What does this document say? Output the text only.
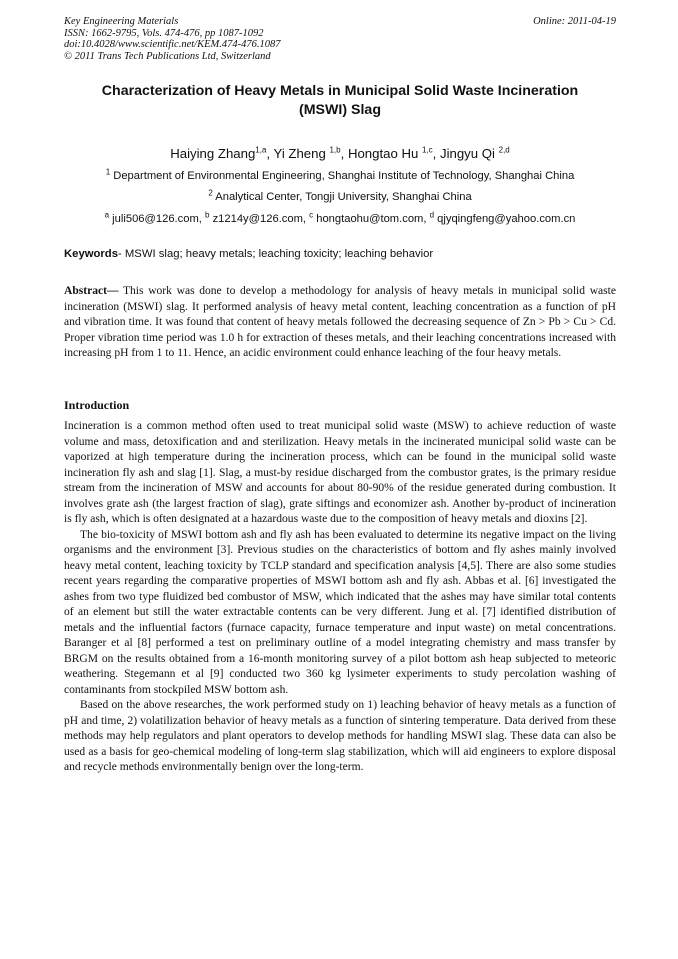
Key Engineering Materials
ISSN: 1662-9795, Vols. 474-476, pp 1087-1092
doi:10.4028/www.scientific.net/KEM.474-476.1087
© 2011 Trans Tech Publications Ltd, Switzerland
Online: 2011-04-19
Characterization of Heavy Metals in Municipal Solid Waste Incineration
(MSWI) Slag
Haiying Zhang$^{1,a}$, Yi Zheng $^{1,b}$, Hongtao Hu $^{1,c}$, Jingyu Qi $^{2,d}$
$^1$ Department of Environmental Engineering, Shanghai Institute of Technology, Shanghai China
$^2$ Analytical Center, Tongji University, Shanghai China
$^a$ juli506@126.com, $^b$ z1214y@126.com, $^c$ hongtaohu@tom.com, $^d$ qjyqingfeng@yahoo.com.cn
Keywords- MSWI slag; heavy metals; leaching toxicity; leaching behavior

Abstract— This work was done to develop a methodology for analysis of heavy metals in municipal solid waste incineration (MSWI) slag. It performed analysis of heavy metal content, leaching concentration as a function of pH and vibration time. It was found that content of heavy metals followed the decreasing sequence of Zn > Pb > Cu > Cd. Proper vibration time period was 1.0 h for extraction of theses metals, and their leaching concentrations increased with increasing pH from 1 to 11. Hence, an acidic environment could enhance leaching of the four heavy metals.

Introduction

Incineration is a common method often used to treat municipal solid waste (MSW) to achieve reduction of waste volume and mass, detoxification and and sterilization. Heavy metals in the incinerated municipal solid waste can be vaporized at high temperature during the incineration process, which can be found in the municipal solid waste incineration fly ash and slag [1]. Slag, a must-by residue discharged from the combustor grates, is the primary residue stream from the incineration of MSW and accounts for about 80-90% of the residue generated during combustion. It involves grate ash (the largest fraction of slag), grate siftings and economizer ash. Another by-product of incineration is fly ash, which is often designated at a hazardous waste due to the composition of heavy metals and dioxins [2].

The bio-toxicity of MSWI bottom ash and fly ash has been evaluated to determine its negative impact on the living organisms and the environment [3]. Previous studies on the characteristics of bottom and fly ashes mainly involved heavy metal content, leaching toxicity by TCLP standard and specification analysis [4,5]. There are also some studies recent years regarding the comparative properties of MSWI bottom ash and fly ash. Abbas et al. [6] investigated the ashes from two type fluidized bed combustor of MSW, which indicated that the ashes may have similar total contents of an element but still the water extractable contents can be very different. Jung et al. [7] identified distribution of metals and the influential factors (furnace capacity, furnace temperature and input waste) on metal concentrations. Baranger et al [8] performed a test on preliminary outline of a model integrating chemistry and mass transfer by BRGM on the results obtained from a 16-month monitoring survey of a pilot bottom ash heap subjected to meteoric weathering. Stegemann et al [9] conducted two 360 kg lysimeter experiments to study percolation washing of contaminants from stockpiled MSW bottom ash.

Based on the above researches, the work performed study on 1) leaching behavior of heavy metals as a function of pH and time, 2) volatilization behavior of heavy metals as a function of sintering temperature. Data derived from these methods may help regulators and plant operators to develop methods for handling MSWI slag. These data can also be used as a basis for geo-chemical modeling of long-term slag stabilization, which will aid engineers to explore disposal and recycle methods environmentally benign over the long-term.
